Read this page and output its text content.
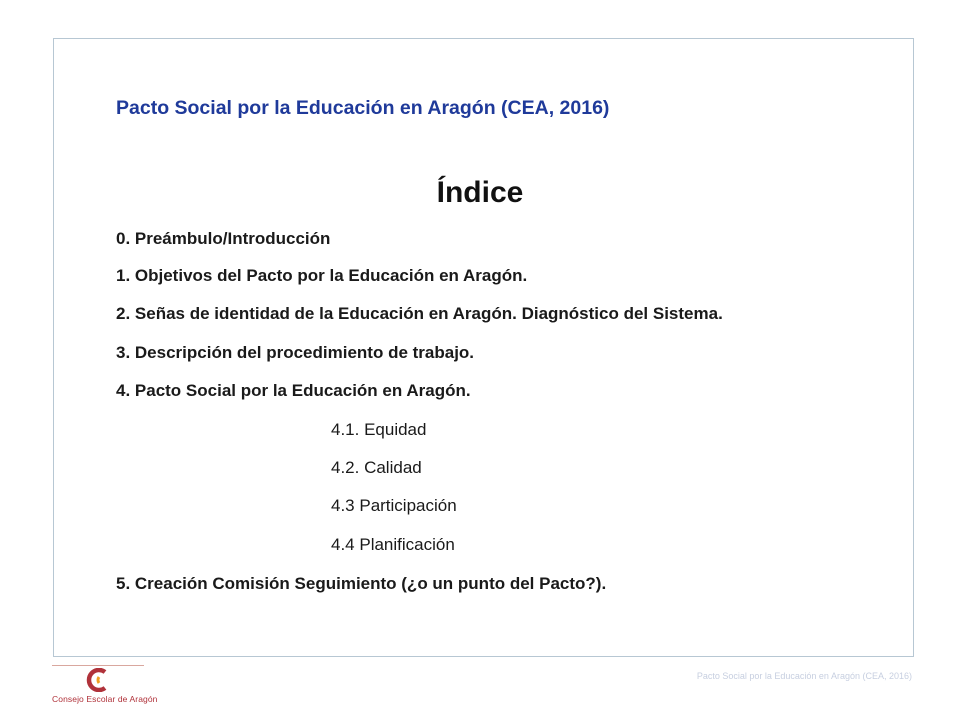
Pacto Social por la Educación en Aragón (CEA, 2016)
Índice
0. Preámbulo/Introducción
1. Objetivos del Pacto por la Educación en Aragón.
2. Señas de identidad de la Educación en Aragón. Diagnóstico del Sistema.
3. Descripción del procedimiento de trabajo.
4. Pacto Social por la Educación en Aragón.
4.1. Equidad
4.2. Calidad
4.3 Participación
4.4 Planificación
5. Creación Comisión Seguimiento (¿o un punto del Pacto?).
Consejo Escolar de Aragón
Pacto Social por la Educación en Aragón (CEA, 2016)
